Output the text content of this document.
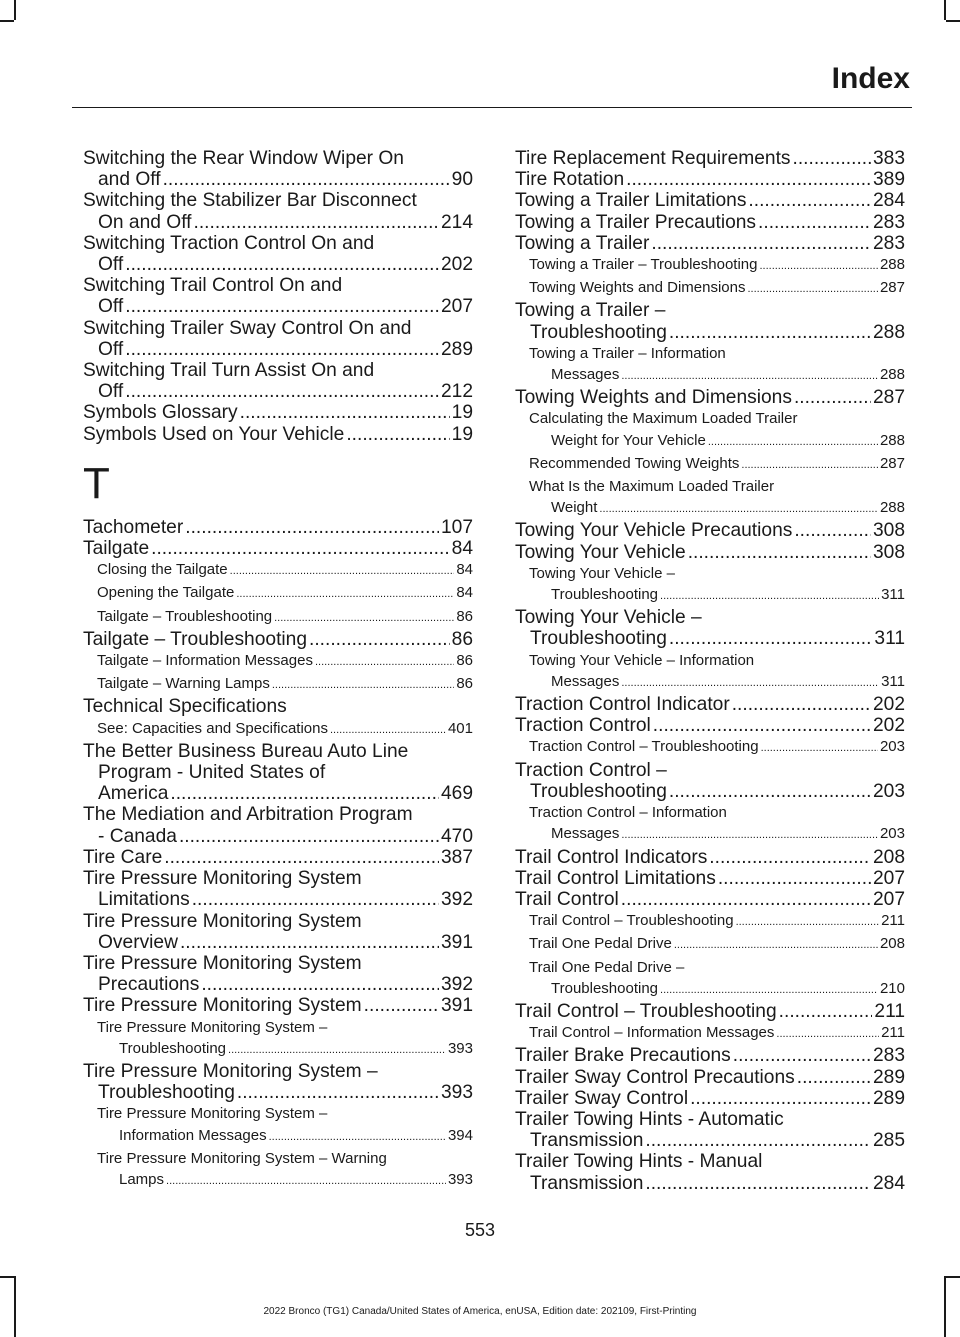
Index
Switching the Rear Window Wiper On
and Off .....	90
Switching the Stabilizer Bar Disconnect
On and Off .....	214
Switching Traction Control On and
Off .....	202
Switching Trail Control On and
Off .....	207
Switching Trailer Sway Control On and
Off .....	289
Switching Trail Turn Assist On and
Off .....	212
Symbols Glossary .....	19
Symbols Used on Your Vehicle .....	19
T
Tachometer .....	107
Tailgate .....	84
Closing the Tailgate .....	84
Opening the Tailgate .....	84
Tailgate – Troubleshooting .....	86
Tailgate – Troubleshooting .....	86
Tailgate – Information Messages .....	86
Tailgate – Warning Lamps .....	86
Technical Specifications
See: Capacities and Specifications .....	401
The Better Business Bureau Auto Line
Program - United States of
America .....	469
The Mediation and Arbitration Program
- Canada .....	470
Tire Care .....	387
Tire Pressure Monitoring System
Limitations .....	392
Tire Pressure Monitoring System
Overview .....	391
Tire Pressure Monitoring System
Precautions .....	392
Tire Pressure Monitoring System .....	391
Tire Pressure Monitoring System –
Troubleshooting .....	393
Tire Pressure Monitoring System –
Troubleshooting .....	393
Tire Pressure Monitoring System –
Information Messages .....	394
Tire Pressure Monitoring System – Warning
Lamps .....	393
Tire Replacement Requirements .....	383
Tire Rotation .....	389
Towing a Trailer Limitations .....	284
Towing a Trailer Precautions .....	283
Towing a Trailer .....	283
Towing a Trailer – Troubleshooting .....	288
Towing Weights and Dimensions .....	287
Towing a Trailer –
Troubleshooting .....	288
Towing a Trailer – Information
Messages .....	288
Towing Weights and Dimensions .....	287
Calculating the Maximum Loaded Trailer
Weight for Your Vehicle .....	288
Recommended Towing Weights .....	287
What Is the Maximum Loaded Trailer
Weight .....	288
Towing Your Vehicle Precautions .....	308
Towing Your Vehicle .....	308
Towing Your Vehicle –
Troubleshooting .....	311
Towing Your Vehicle –
Troubleshooting .....	311
Towing Your Vehicle – Information
Messages .....	311
Traction Control Indicator .....	202
Traction Control .....	202
Traction Control – Troubleshooting .....	203
Traction Control –
Troubleshooting .....	203
Traction Control – Information
Messages .....	203
Trail Control Indicators .....	208
Trail Control Limitations .....	207
Trail Control .....	207
Trail Control – Troubleshooting .....	211
Trail One Pedal Drive .....	208
Trail One Pedal Drive –
Troubleshooting .....	210
Trail Control – Troubleshooting .....	211
Trail Control – Information Messages .....	211
Trailer Brake Precautions .....	283
Trailer Sway Control Precautions .....	289
Trailer Sway Control .....	289
Trailer Towing Hints - Automatic
Transmission .....	285
Trailer Towing Hints - Manual
Transmission .....	284
553
2022 Bronco (TG1) Canada/United States of America, enUSA, Edition date: 202109, First-Printing
